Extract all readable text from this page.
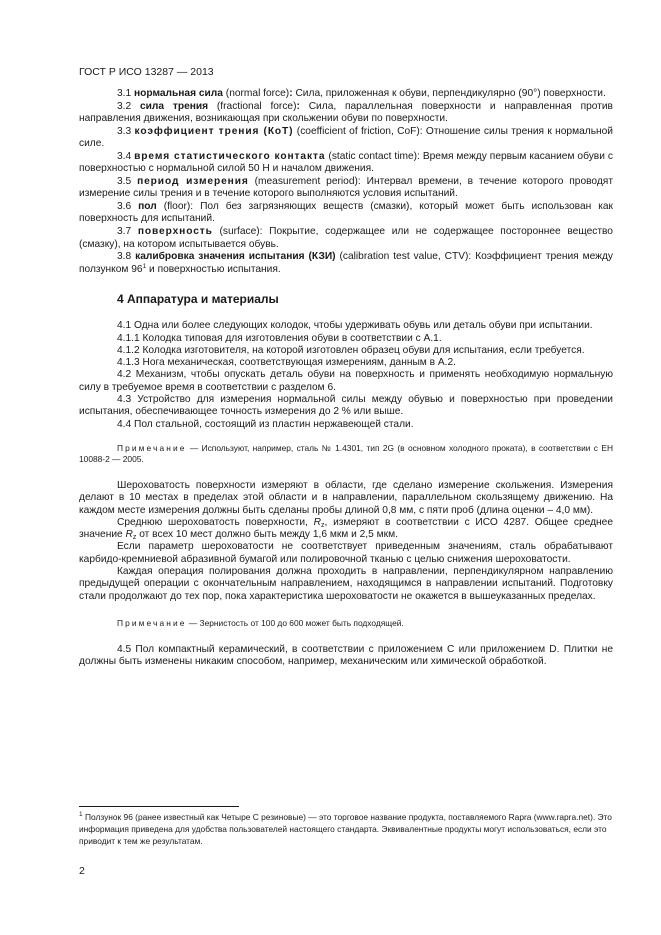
ГОСТ Р ИСО 13287 — 2013

3.1 нормальная сила (normal force): Сила, приложенная к обуви, перпендикулярно (90°) поверхности.

3.2 сила трения (fractional force): Сила, параллельная поверхности и направленная против направления движения, возникающая при скольжении обуви по поверхности.

3.3 коэффициент трения (КоТ) (coefficient of friction, CoF): Отношение силы трения к нормальной силе.

3.4 время статистического контакта (static contact time): Время между первым касанием обуви с поверхностью с нормальной силой 50 Н и началом движения.

3.5 период измерения (measurement period): Интервал времени, в течение которого проводят измерение силы трения и в течение которого выполняются условия испытаний.

3.6 пол (floor): Пол без загрязняющих веществ (смазки), который может быть использован как поверхность для испытаний.

3.7 поверхность (surface): Покрытие, содержащее или не содержащее постороннее вещество (смазку), на котором испытывается обувь.

3.8 калибровка значения испытания (КЗИ) (calibration test value, CTV): Коэффициент трения между ползунком $96^1$ и поверхностью испытания.

4 Аппаратура и материалы

4.1 Одна или более следующих колодок, чтобы удерживать обувь или деталь обуви при испытании.

4.1.1 Колодка типовая для изготовления обуви в соответствии с А.1.

4.1.2 Колодка изготовителя, на которой изготовлен образец обуви для испытания, если требуется.

4.1.3 Нога механическая, соответствующая измерениям, данным в А.2.

4.2 Механизм, чтобы опускать деталь обуви на поверхность и применять необходимую нормальную силу в требуемое время в соответствии с разделом 6.

4.3 Устройство для измерения нормальной силы между обувью и поверхностью при проведении испытания, обеспечивающее точность измерения до 2 % или выше.

4.4 Пол стальной, состоящий из пластин нержавеющей стали.

Примечание — Используют, например, сталь № 1.4301, тип 2G (в основном холодного проката), в соответствии с EH 10088-2 — 2005.

Шероховатость поверхности измеряют в области, где сделано измерение скольжения. Измерения делают в 10 местах в пределах этой области и в направлении, параллельном скользящему движению. На каждом месте измерения должны быть сделаны пробы длиной 0,8 мм, с пяти проб (длина оценки – 4,0 мм).

Среднюю шероховатость поверхности, $R_z$, измеряют в соответствии с ИСО 4287. Общее среднее значение $R_z$ от всех 10 мест должно быть между 1,6 мкм и 2,5 мкм.

Если параметр шероховатости не соответствует приведенным значениям, сталь обрабатывают карбидо-кремниевой абразивной бумагой или полировочной тканью с целью снижения шероховатости.

Каждая операция полирования должна проходить в направлении, перпендикулярном направлению предыдущей операции с окончательным направлением, находящимся в направлении испытаний. Подготовку стали продолжают до тех пор, пока характеристика шероховатости не окажется в вышеуказанных пределах.

Примечание — Зернистость от 100 до 600 может быть подходящей.

4.5 Пол компактный керамический, в соответствии с приложением С или приложением D. Плитки не должны быть изменены никаким способом, например, механическим или химической обработкой.

$^1$ Ползунок 96 (ранее известный как Четыре С резиновые) — это торговое название продукта, поставляемого Rapra (www.rapra.net). Это информация приведена для удобства пользователей настоящего стандарта. Эквивалентные продукты могут использоваться, если это приводит к тем же результатам.
2
